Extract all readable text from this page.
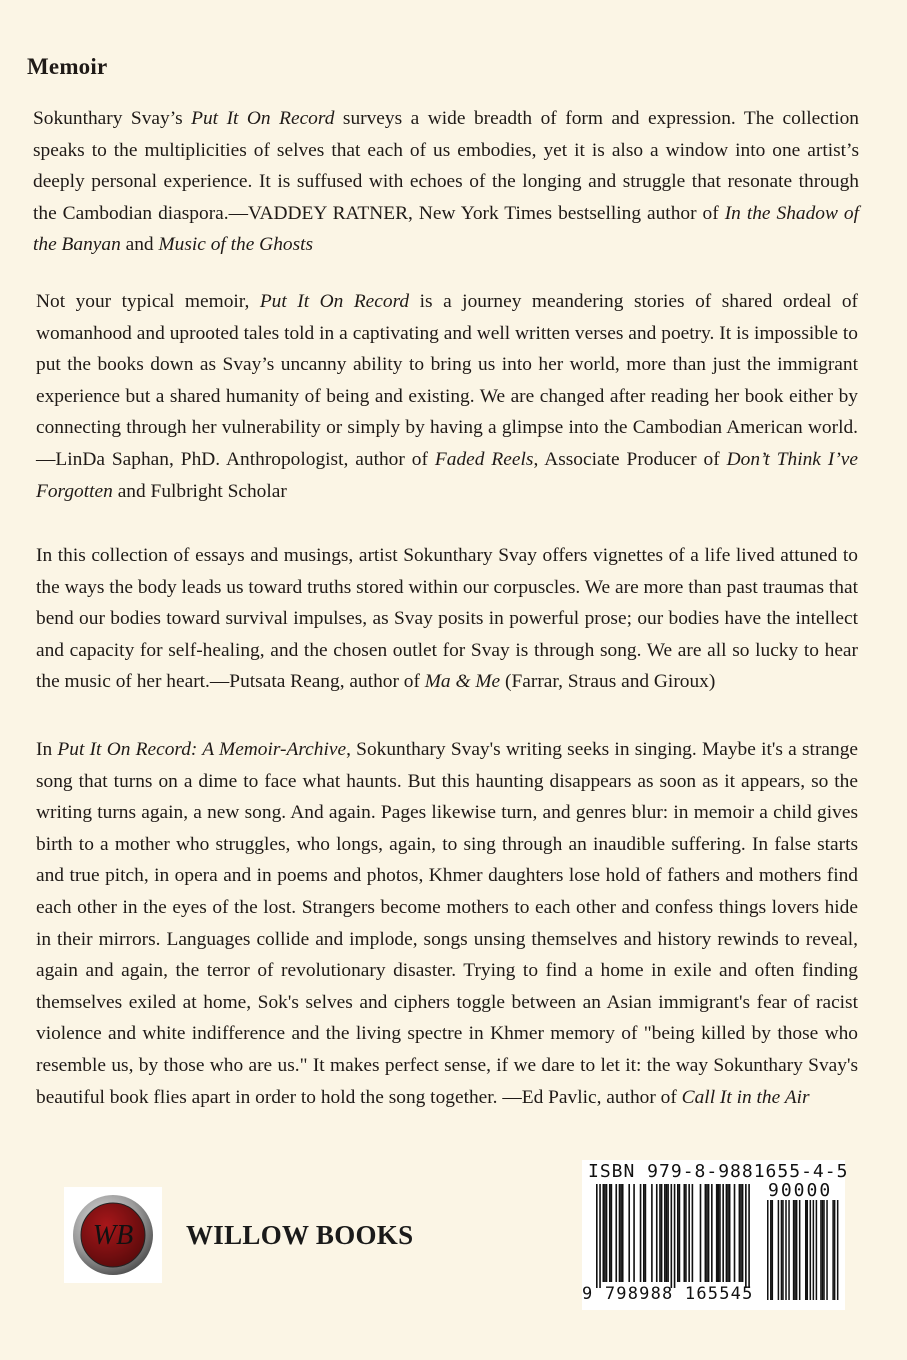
Memoir

Sokunthary Svay’s Put It On Record surveys a wide breadth of form and expression. The collection speaks to the multiplicities of selves that each of us embodies, yet it is also a window into one artist’s deeply personal experience. It is suffused with echoes of the longing and struggle that resonate through the Cambodian diaspora.—VADDEY RATNER, New York Times bestselling author of In the Shadow of the Banyan and Music of the Ghosts

Not your typical memoir, Put It On Record is a journey meandering stories of shared ordeal of womanhood and uprooted tales told in a captivating and well written verses and poetry. It is impossible to put the books down as Svay’s uncanny ability to bring us into her world, more than just the immigrant experience but a shared humanity of being and existing. We are changed after reading her book either by connecting through her vulnerability or simply by having a glimpse into the Cambodian American world. —LinDa Saphan, PhD. Anthropologist, author of Faded Reels, Associate Producer of Don’t Think I’ve Forgotten and Fulbright Scholar

In this collection of essays and musings, artist Sokunthary Svay offers vignettes of a life lived attuned to the ways the body leads us toward truths stored within our corpuscles. We are more than past traumas that bend our bodies toward survival impulses, as Svay posits in powerful prose; our bodies have the intellect and capacity for self-healing, and the chosen outlet for Svay is through song. We are all so lucky to hear the music of her heart.—Putsata Reang, author of Ma & Me (Farrar, Straus and Giroux)

In Put It On Record: A Memoir-Archive, Sokunthary Svay's writing seeks in singing. Maybe it's a strange song that turns on a dime to face what haunts. But this haunting disappears as soon as it appears, so the writing turns again, a new song. And again. Pages likewise turn, and genres blur: in memoir a child gives birth to a mother who struggles, who longs, again, to sing through an inaudible suffering. In false starts and true pitch, in opera and in poems and photos, Khmer daughters lose hold of fathers and mothers find each other in the eyes of the lost. Strangers become mothers to each other and confess things lovers hide in their mirrors. Languages collide and implode, songs unsing themselves and history rewinds to reveal, again and again, the terror of revolutionary disaster. Trying to find a home in exile and often finding themselves exiled at home, Sok's selves and ciphers toggle between an Asian immigrant's fear of racist violence and white indifference and the living spectre in Khmer memory of "being killed by those who resemble us, by those who are us." It makes perfect sense, if we dare to let it: the way Sokunthary Svay's beautiful book flies apart in order to hold the song together. —Ed Pavlic, author of Call It in the Air

WB WILLOW BOOKS
ISBN 979-8-9881655-4-5
90000
9 798988 165545
